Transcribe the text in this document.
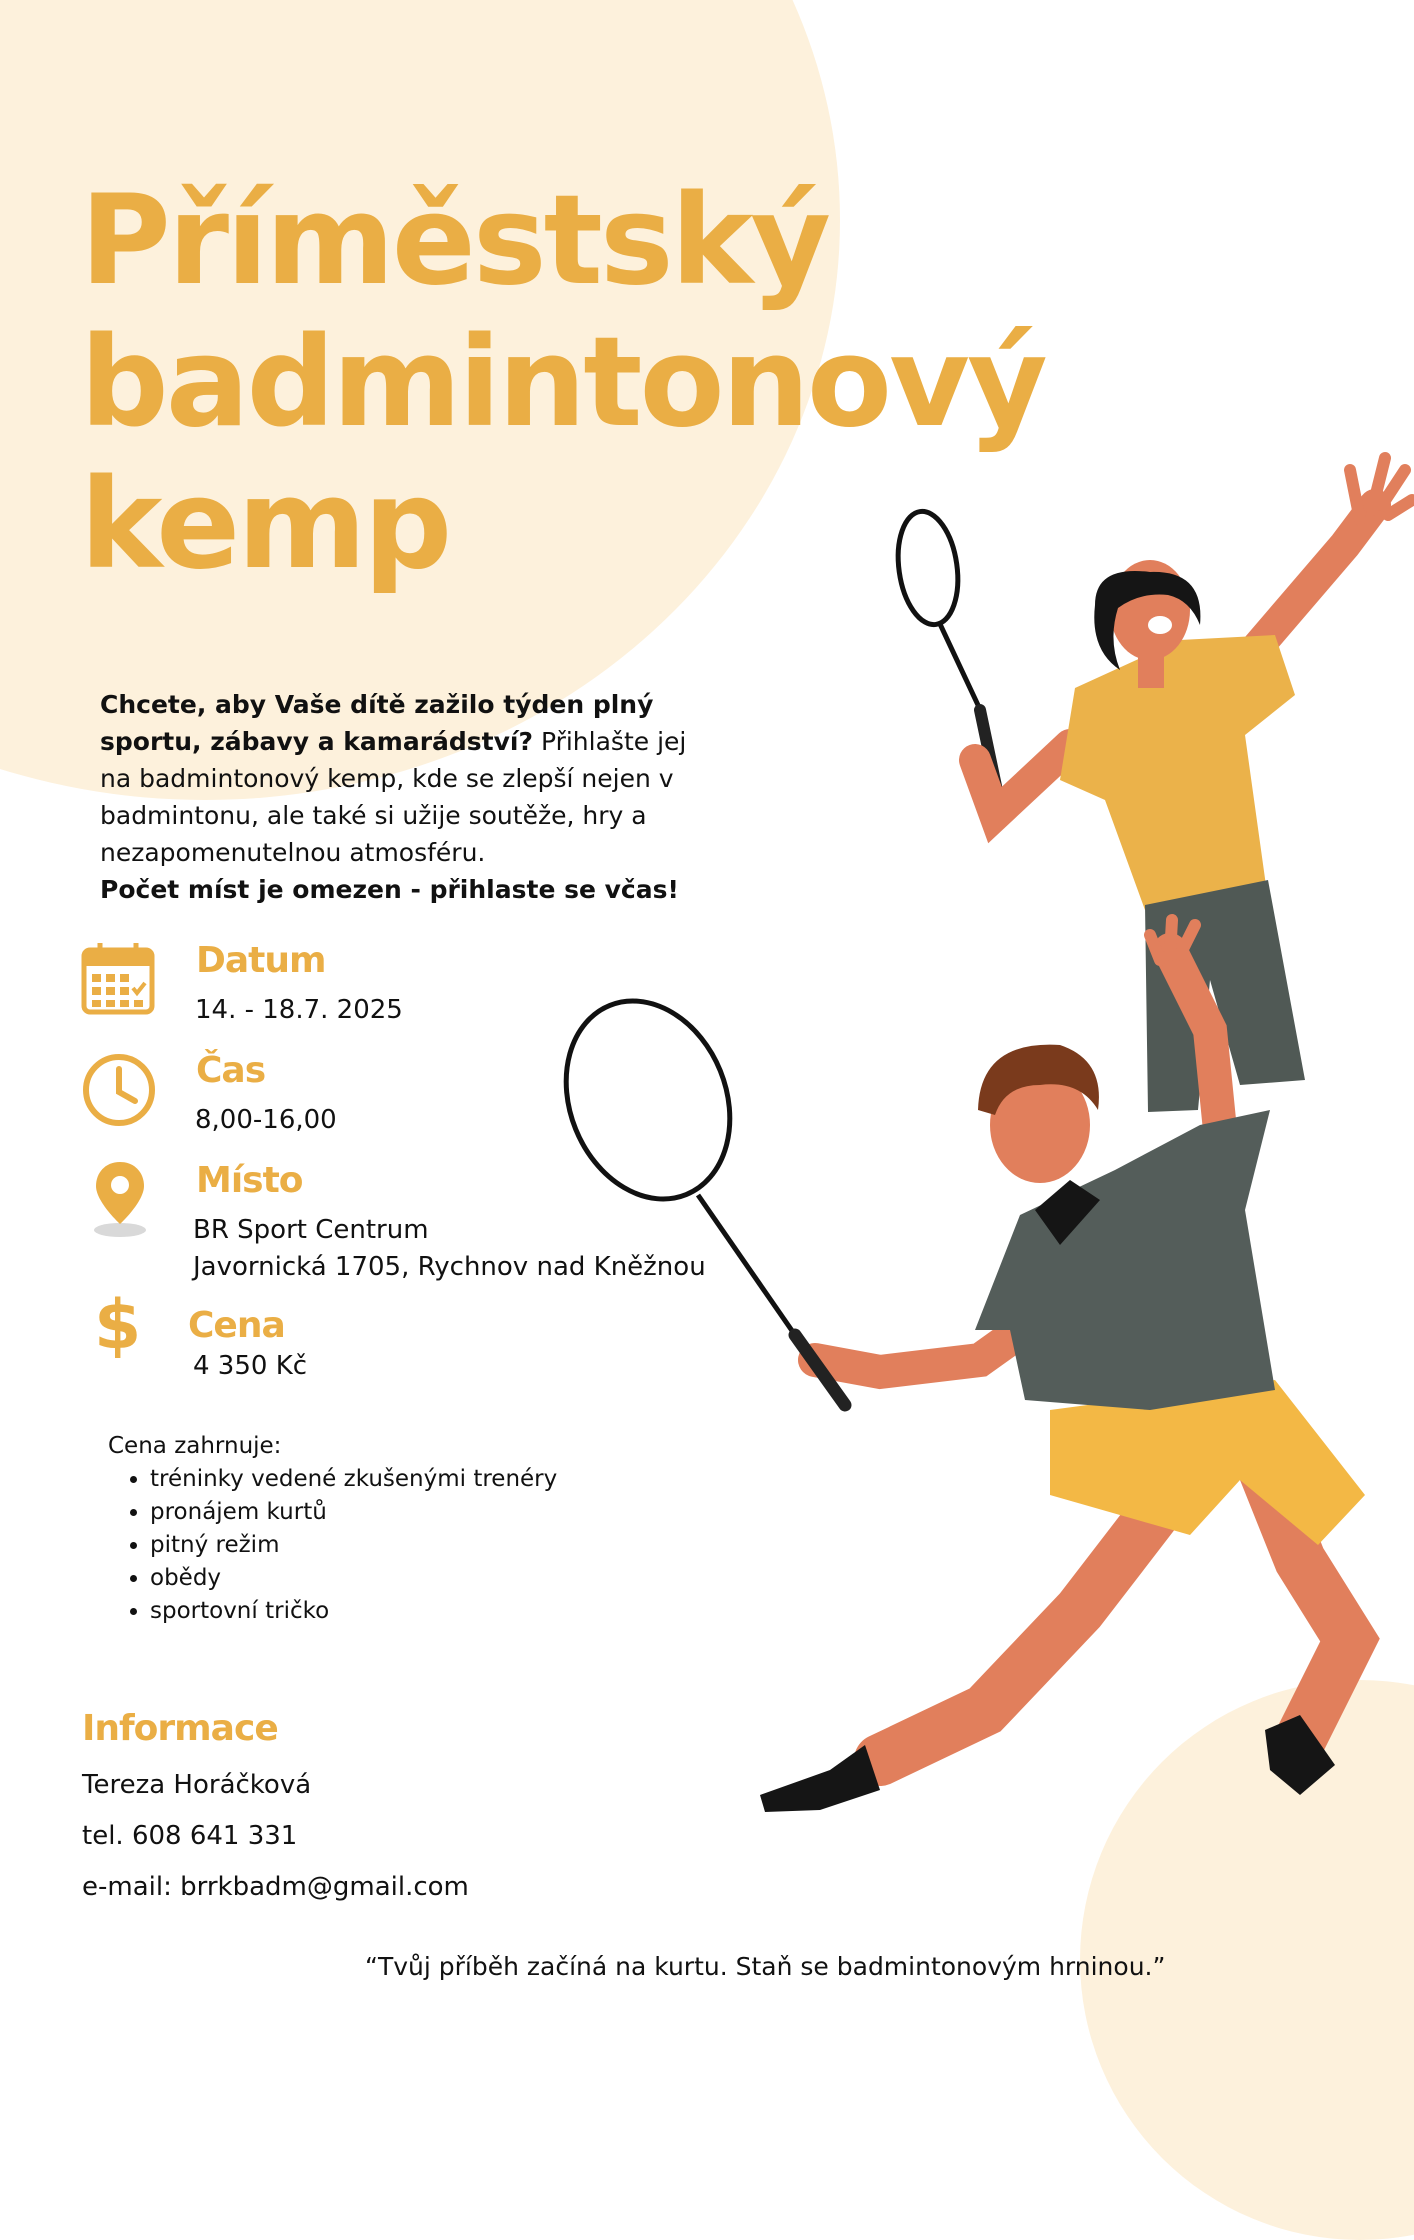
Příměstský
badmintonový
kemp

Chcete, aby Vaše dítě zažilo týden plný sportu, zábavy a kamarádství? Přihlašte jej na badmintonový kemp, kde se zlepší nejen v badmintonu, ale také si užije soutěže, hry a nezapomenutelnou atmosféru.
Počet míst je omezen - přihlaste se včas!

Datum
14. - 18.7. 2025
Čas
8,00-16,00
Místo
BR Sport Centrum
Javornická 1705, Rychnov nad Kněžnou
$ Cena
4 350 Kč
Cena zahrnuje:
• tréninky vedené zkušenými trenéry
• pronájem kurtů
• pitný režim
• obědy
• sportovní tričko
Informace
Tereza Horáčková
tel. 608 641 331
e-mail: brrkbadm@gmail.com
“Tvůj příběh začíná na kurtu. Staň se badmintonovým hrninou.”
